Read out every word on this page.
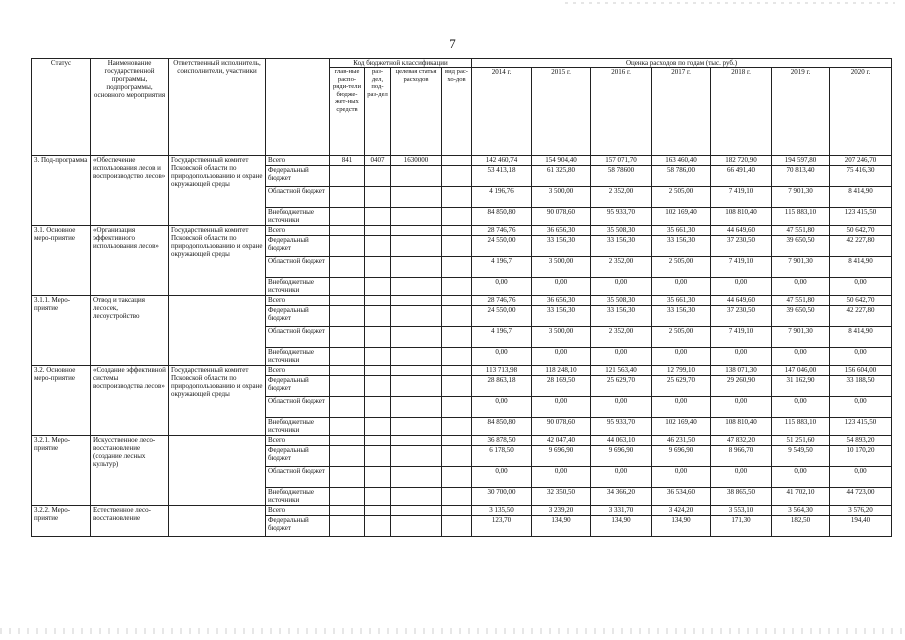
7
Статус	Наименование государственной программы, подпрограммы, основного мероприятия	Ответственный исполнитель, соисполнители, участники		Код бюджетной классификации				Оценка расходов по годам (тыс. руб.)						
				глав-ные распо-ряди-тели бюдже-жет-ных средств	раз-дел, под-раз-дел	целевая статья расходов	вид рас-хо-дов	2014 г.	2015 г.	2016 г.	2017 г.	2018 г.	2019 г.	2020 г.
3. Под-программа	«Обеспечение использования лесов и воспроизводство лесов»	Государственный комитет Псковской области по природопользованию и охране окружающей среды	Всего	841	0407	1630000		142 460,74	154 904,40	157 071,70	163 460,40	182 720,90	194 597,80	207 246,70
			Федеральный бюджет					53 413,18	61 325,80	58 78600	58 786,00	66 491,40	70 813,40	75 416,30
			Областной бюджет					4 196,76	3 500,00	2 352,00	2 505,00	7 419,10	7 901,30	8 414,90
			Внебюджетные источники					84 850,80	90 078,60	95 933,70	102 169,40	108 810,40	115 883,10	123 415,50
3.1. Основное меро-приятие	«Организация эффективного использования лесов»	Государственный комитет Псковской области по природопользованию и охране окружающей среды	Всего					28 746,76	36 656,30	35 508,30	35 661,30	44 649,60	47 551,80	50 642,70
			Федеральный бюджет					24 550,00	33 156,30	33 156,30	33 156,30	37 230,50	39 650,50	42 227,80
			Областной бюджет					4 196,7	3 500,00	2 352,00	2 505,00	7 419,10	7 901,30	8 414,90
			Внебюджетные источники					0,00	0,00	0,00	0,00	0,00	0,00	0,00
3.1.1. Меро-приятие	Отвод и таксация лесосек, лесоустройство		Всего					28 746,76	36 656,30	35 508,30	35 661,30	44 649,60	47 551,80	50 642,70
			Федеральный бюджет					24 550,00	33 156,30	33 156,30	33 156,30	37 230,50	39 650,50	42 227,80
			Областной бюджет					4 196,7	3 500,00	2 352,00	2 505,00	7 419,10	7 901,30	8 414,90
			Внебюджетные источники					0,00	0,00	0,00	0,00	0,00	0,00	0,00
3.2. Основное меро-приятие	«Создание эффективной системы воспроизводства лесов»	Государственный комитет Псковской области по природопользованию и охране окружающей среды	Всего					113 713,98	118 248,10	121 563,40	12 799,10	138 071,30	147 046,00	156 604,00
			Федеральный бюджет					28 863,18	28 169,50	25 629,70	25 629,70	29 260,90	31 162,90	33 188,50
			Областной бюджет					0,00	0,00	0,00	0,00	0,00	0,00	0,00
			Внебюджетные источники					84 850,80	90 078,60	95 933,70	102 169,40	108 810,40	115 883,10	123 415,50
3.2.1. Меро-приятие	Искусственное лесо-восстановление (создание лесных культур)		Всего					36 878,50	42 047,40	44 063,10	46 231,50	47 832,20	51 251,60	54 893,20
			Федеральный бюджет					6 178,50	9 696,90	9 696,90	9 696,90	8 966,70	9 549,50	10 170,20
			Областной бюджет					0,00	0,00	0,00	0,00	0,00	0,00	0,00
			Внебюджетные источники					30 700,00	32 350,50	34 366,20	36 534,60	38 865,50	41 702,10	44 723,00
3.2.2. Меро-приятие	Естественное лесо-восстановление		Всего					3 135,50	3 239,20	3 331,70	3 424,20	3 553,10	3 564,30	3 576,20
			Федеральный бюджет					123,70	134,90	134,90	134,90	171,30	182,50	194,40
